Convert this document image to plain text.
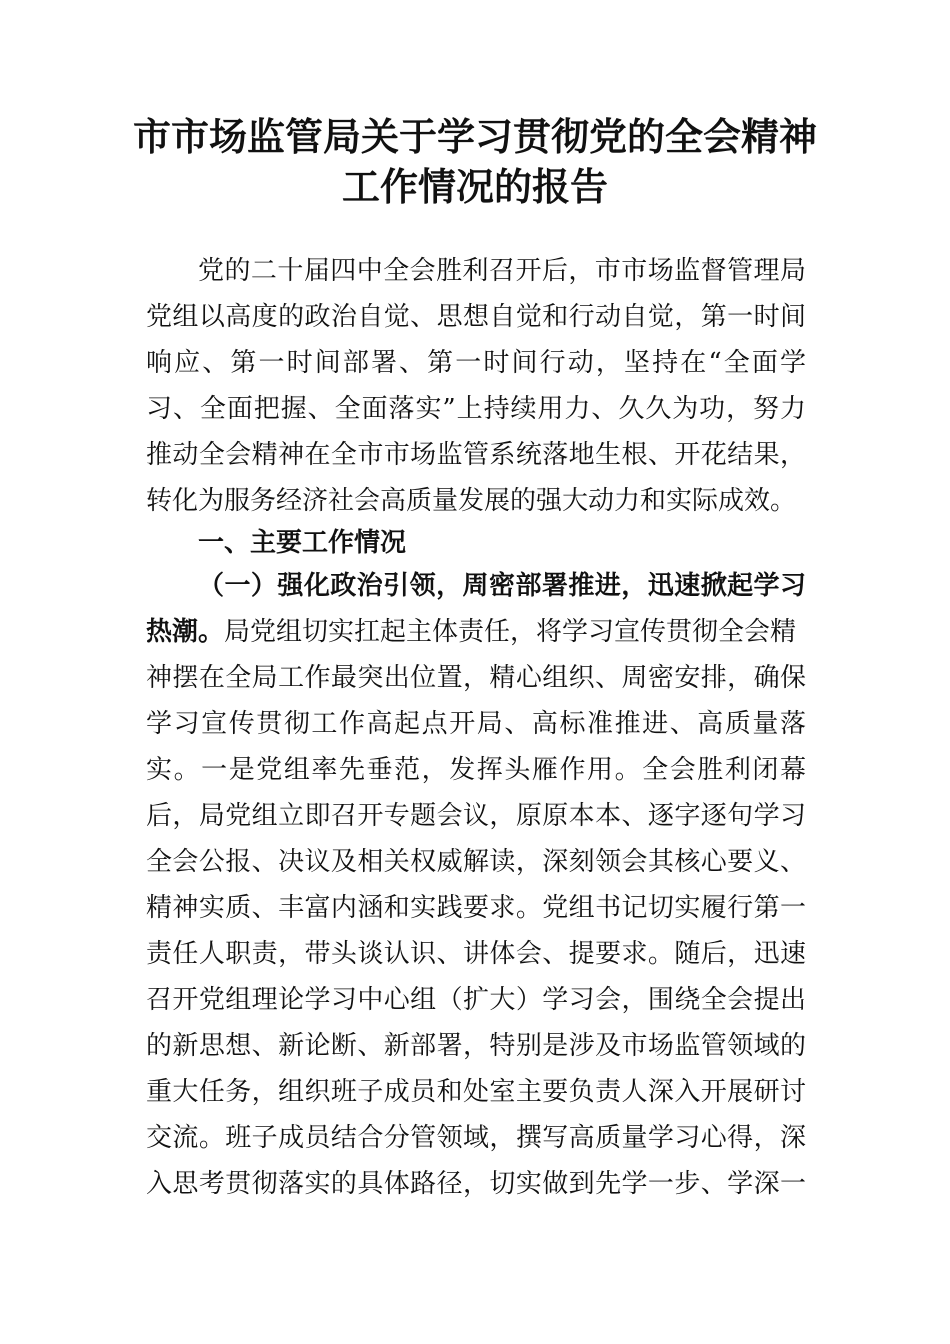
市市场监管局关于学习贯彻党的全会精神
工作情况的报告
党的二十届四中全会胜利召开后，市市场监督管理局
党组以高度的政治自觉、思想自觉和行动自觉，第一时间
响应、第一时间部署、第一时间行动，坚持在“全面学
习、全面把握、全面落实”上持续用力、久久为功，努力
推动全会精神在全市市场监管系统落地生根、开花结果，
转化为服务经济社会高质量发展的强大动力和实际成效。
一、主要工作情况
（一）强化政治引领，周密部署推进，迅速掀起学习
热潮。局党组切实扛起主体责任，将学习宣传贯彻全会精
神摆在全局工作最突出位置，精心组织、周密安排，确保
学习宣传贯彻工作高起点开局、高标准推进、高质量落
实。一是党组率先垂范，发挥头雁作用。全会胜利闭幕
后，局党组立即召开专题会议，原原本本、逐字逐句学习
全会公报、决议及相关权威解读，深刻领会其核心要义、
精神实质、丰富内涵和实践要求。党组书记切实履行第一
责任人职责，带头谈认识、讲体会、提要求。随后，迅速
召开党组理论学习中心组（扩大）学习会，围绕全会提出
的新思想、新论断、新部署，特别是涉及市场监管领域的
重大任务，组织班子成员和处室主要负责人深入开展研讨
交流。班子成员结合分管领域，撰写高质量学习心得，深
入思考贯彻落实的具体路径，切实做到先学一步、学深一
